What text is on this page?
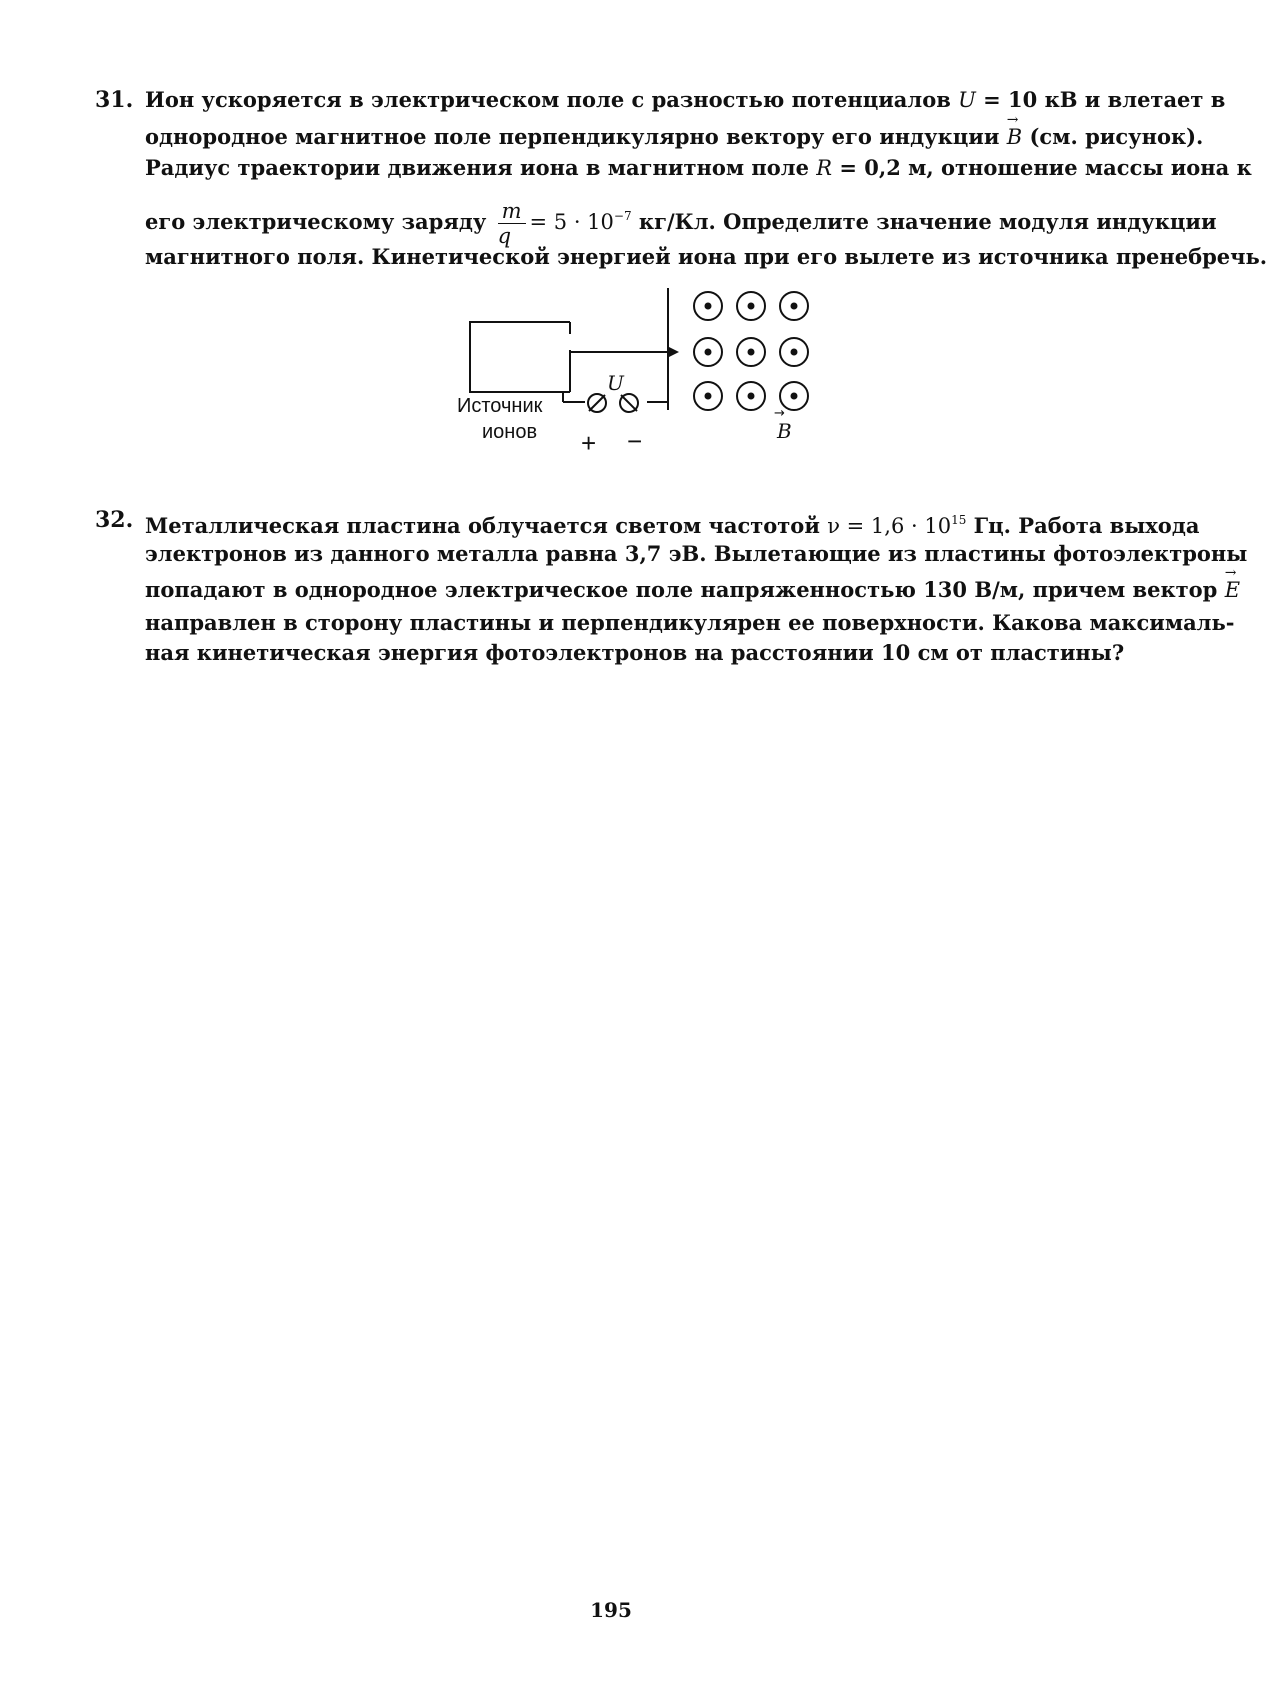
31. Ион ускоряется в электрическом поле с разностью потенциалов U = 10 кВ и влетает в
однородное магнитное поле перпендикулярно вектору его индукции → B (см. рисунок).
Радиус траектории движения иона в магнитном поле R = 0,2 м, отношение массы иона к
его электрическому заряду $\frac{m}{q} = 5 \cdot 10^{-7}$ кг/Кл. Определите значение модуля индукции
магнитного поля. Кинетической энергией иона при его вылете из источника пренебречь.
U
Источник
ионов + −	B
→
32. Металлическая пластина облучается светом частотой $\nu = 1,6 \cdot 10^{15}$ Гц. Работа выхода
электронов из данного металла равна 3,7 эВ. Вылетающие из пластины фотоэлектроны
попадают в однородное электрическое поле напряженностью 130 В/м, причем вектор → E
направлен в сторону пластины и перпендикулярен ее поверхности. Какова максималь-
ная кинетическая энергия фотоэлектронов на расстоянии 10 см от пластины?
195
